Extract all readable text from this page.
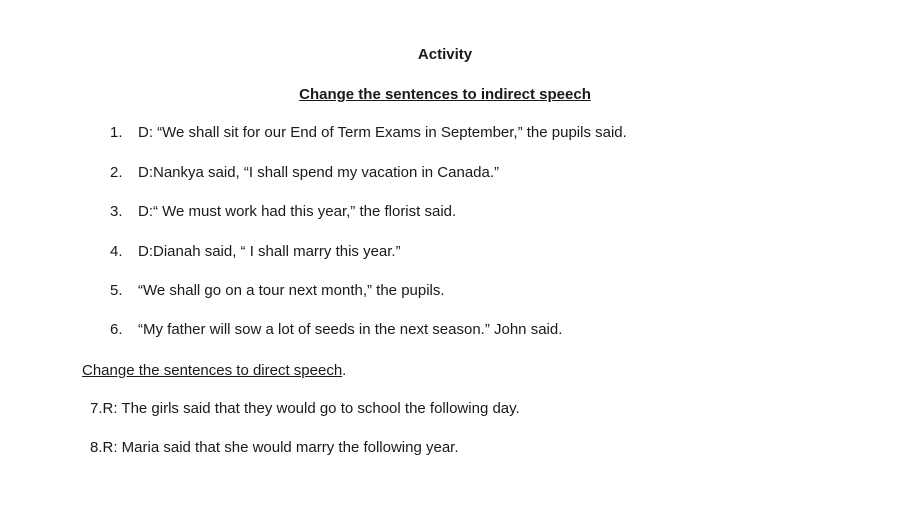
Activity
Change the sentences to indirect speech
1.	D: “We shall sit for our End of Term Exams in September,” the pupils said.
2.	D:Nankya said, “I shall spend my vacation in Canada.”
3.	D:“ We must work had this year,” the florist said.
4.	D:Dianah said, “ I shall marry this year.”
5.	“We shall go on a tour next month,” the pupils.
6.	“My father will sow a lot of seeds in the next season.” John said.
Change the sentences to direct speech.
7.R: The girls said that they would go to school the following day.
8.R: Maria said that she would marry the following year.
